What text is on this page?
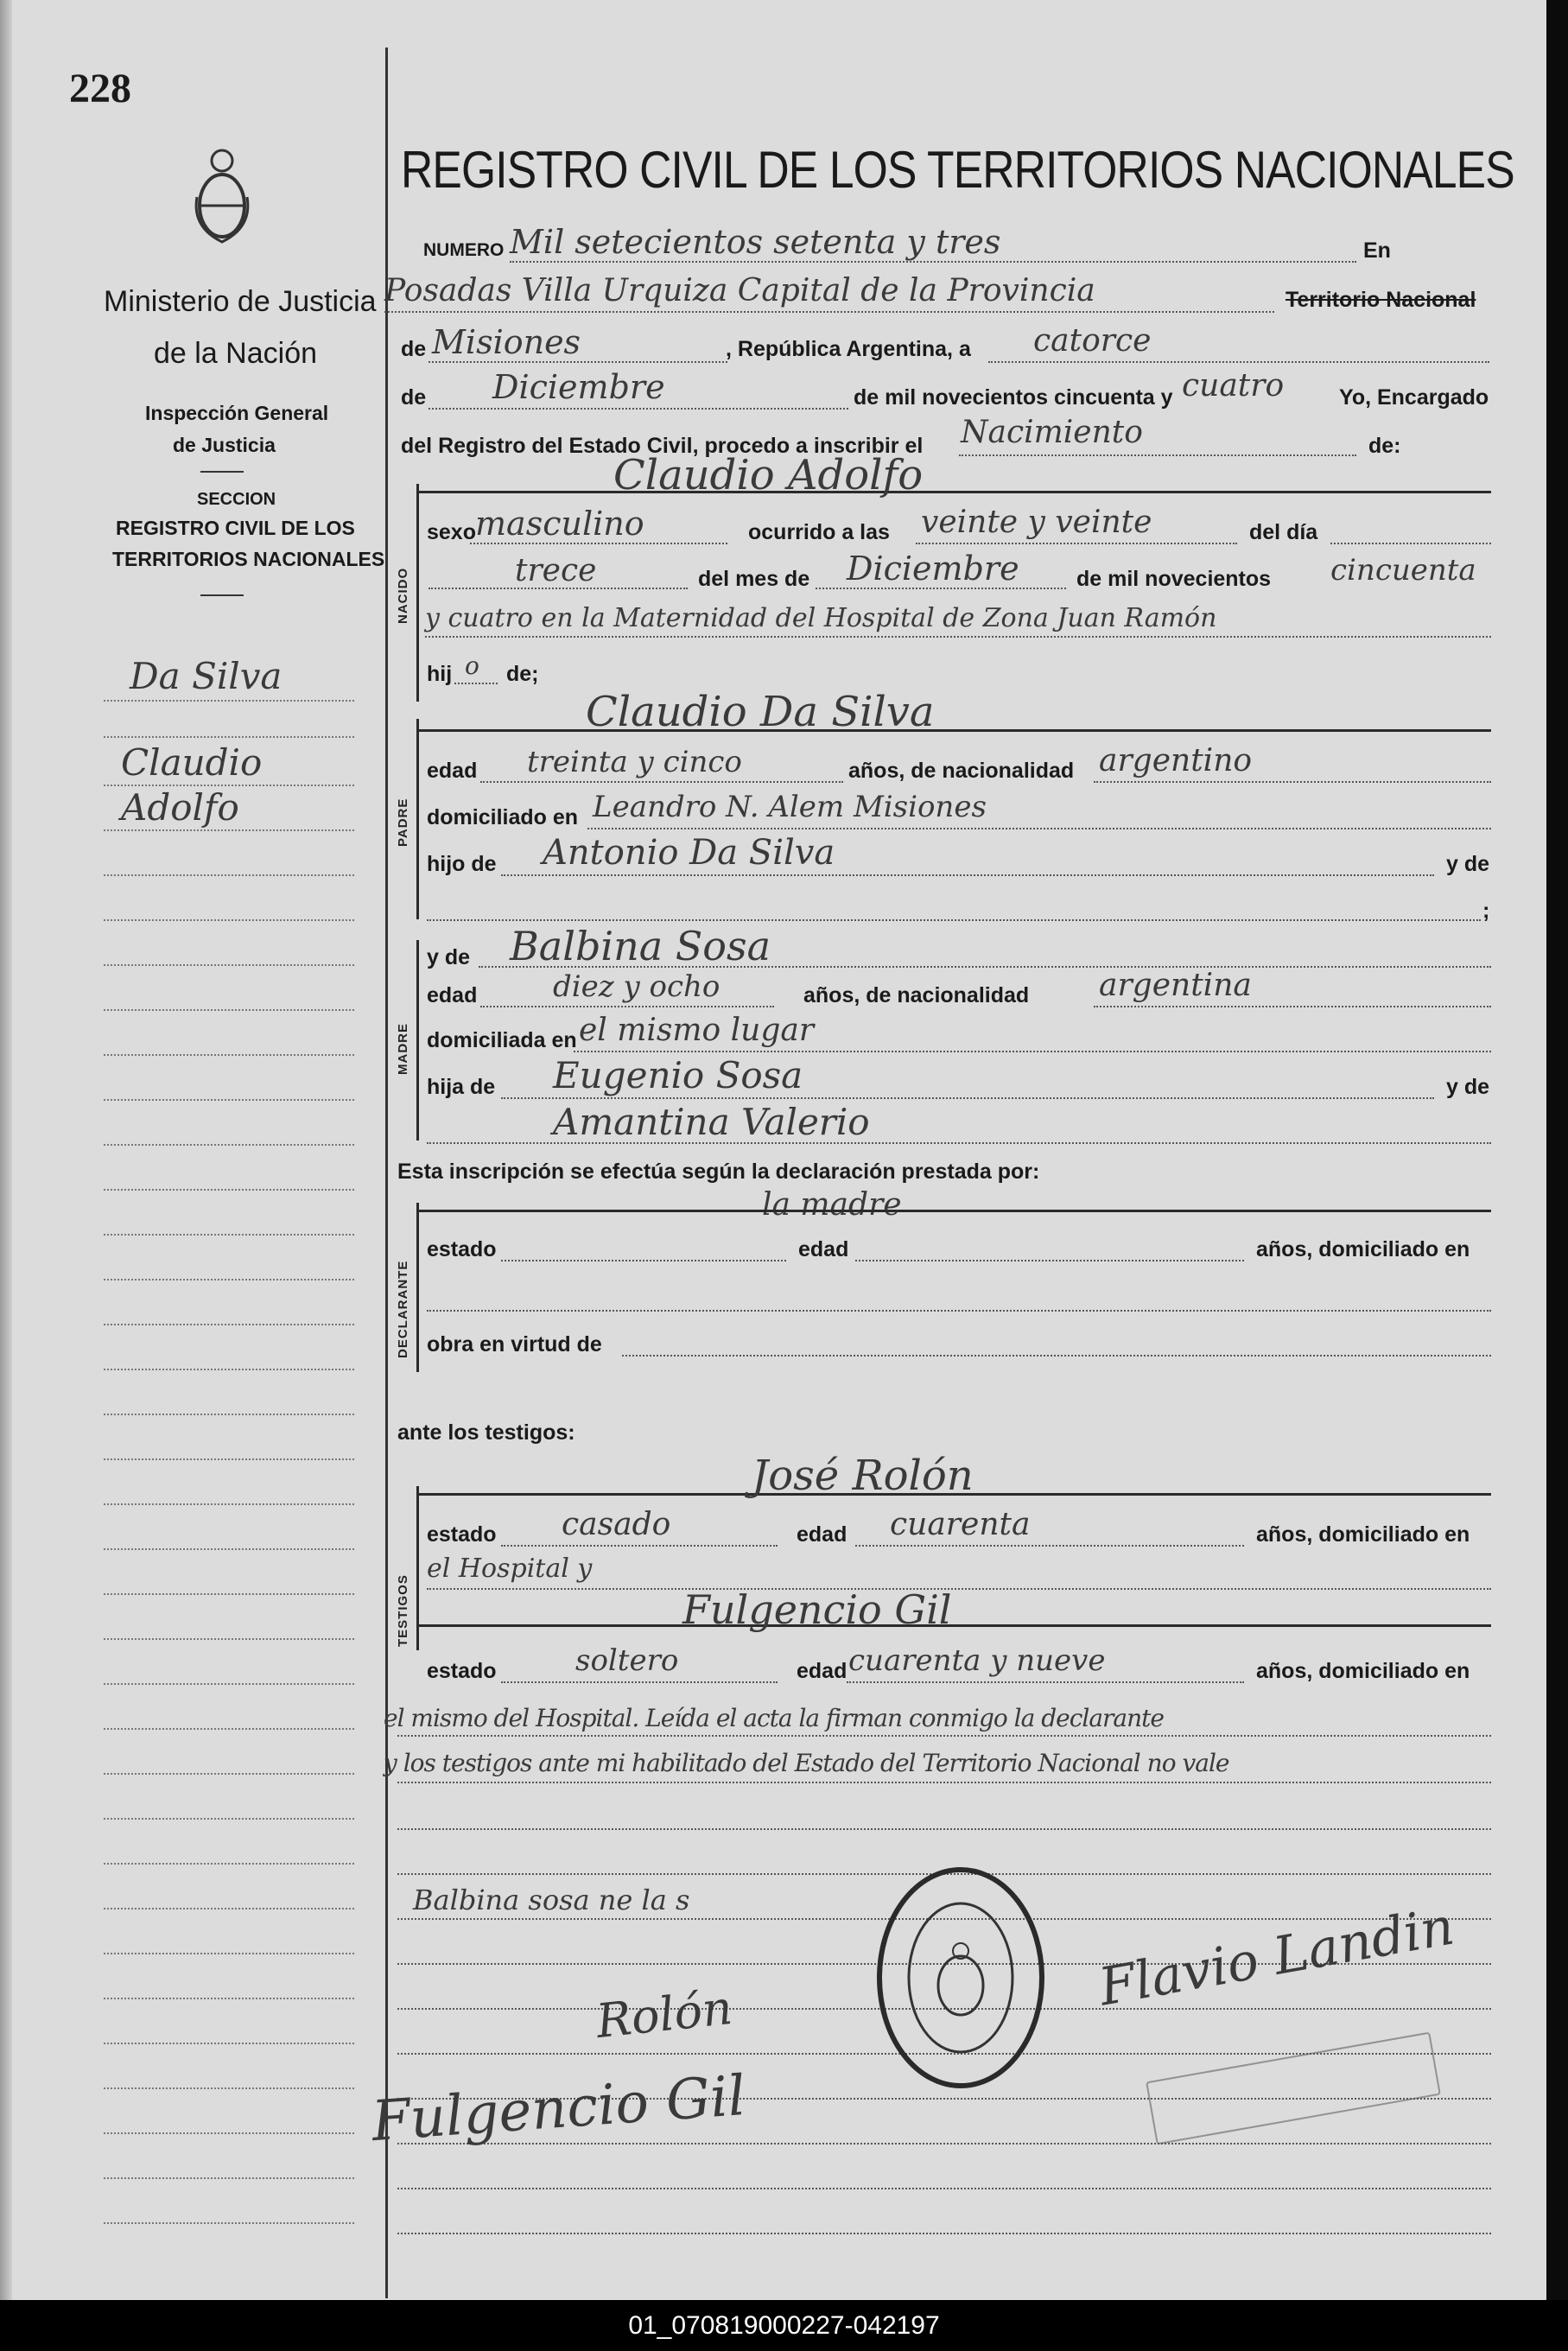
228
Ministerio de Justicia
de la Nación
Inspección General
de Justicia
SECCION
REGISTRO CIVIL DE LOS
TERRITORIOS NACIONALES
Da Silva
Claudio
Adolfo
REGISTRO CIVIL DE LOS TERRITORIOS NACIONALES
NUMERO Mil setecientos setenta y tres	En
Posadas Villa Urquiza Capital de la Provincia	Territorio Nacional
de Misiones	, República Argentina, a catorce
de Diciembre	de mil novecientos cincuenta y cuatro	Yo, Encargado
del Registro del Estado Civil, procedo a inscribir el Nacimiento	de:
NACIDO
Claudio Adolfo
sexo masculino	ocurrido a las veinte y veinte	del día
trece	del mes de Diciembre	de mil novecientos cincuenta
y cuatro en la Maternidad del Hospital de Zona Juan Ramón
hij o de;
PADRE
Claudio Da Silva
edad treinta y cinco	años, de nacionalidad argentino
domiciliado en Leandro N. Alem Misiones
hijo de Antonio Da Silva	y de
;
MADRE
y de Balbina Sosa
edad	diez y ocho	años, de nacionalidad argentina
domiciliada en el mismo lugar
hija de Eugenio Sosa	y de
Amantina Valerio
Esta inscripción se efectúa según la declaración prestada por:
la madre
DECLARANTE
estado	edad	años, domiciliado en
obra en virtud de
ante los testigos:
TESTIGOS
José Rolón
estado casado	edad cuarenta	años, domiciliado en
el Hospital y
Fulgencio Gil
estado	soltero	edad cuarenta y nueve	años, domiciliado en
el mismo del Hospital. Leída el acta la firman conmigo la declarante
y los testigos ante mi habilitado del Estado del Territorio Nacional no vale
Balbina sosa ne la s
Rolón
Fulgencio Gil
Flavio Landin
01_070819000227-042197
